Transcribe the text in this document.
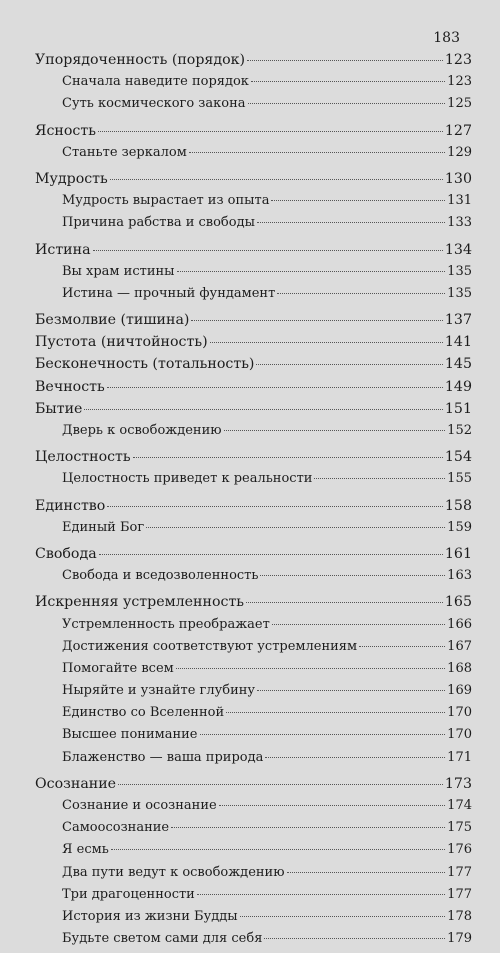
183
Упорядоченность (порядок)	123
Сначала наведите порядок	123
Суть космического закона	125
Ясность	127
Станьте зеркалом	129
Мудрость	130
Мудрость вырастает из опыта	131
Причина рабства и свободы	133
Истина	134
Вы храм истины	135
Истина — прочный фундамент	135
Безмолвие (тишина)	137
Пустота (ничтойность)	141
Бесконечность (тотальность)	145
Вечность	149
Бытие	151
Дверь к освобождению	152
Целостность	154
Целостность приведет к реальности	155
Единство	158
Единый Бог	159
Свобода	161
Свобода и вседозволенность	163
Искренняя устремленность	165
Устремленность преображает	166
Достижения соответствуют устремлениям	167
Помогайте всем	168
Ныряйте и узнайте глубину	169
Единство со Вселенной	170
Высшее понимание	170
Блаженство — ваша природа	171
Осознание	173
Сознание и осознание	174
Самоосознание	175
Я есмь	176
Два пути ведут к освобождению	177
Три драгоценности	177
История из жизни Будды	178
Будьте светом сами для себя	179
